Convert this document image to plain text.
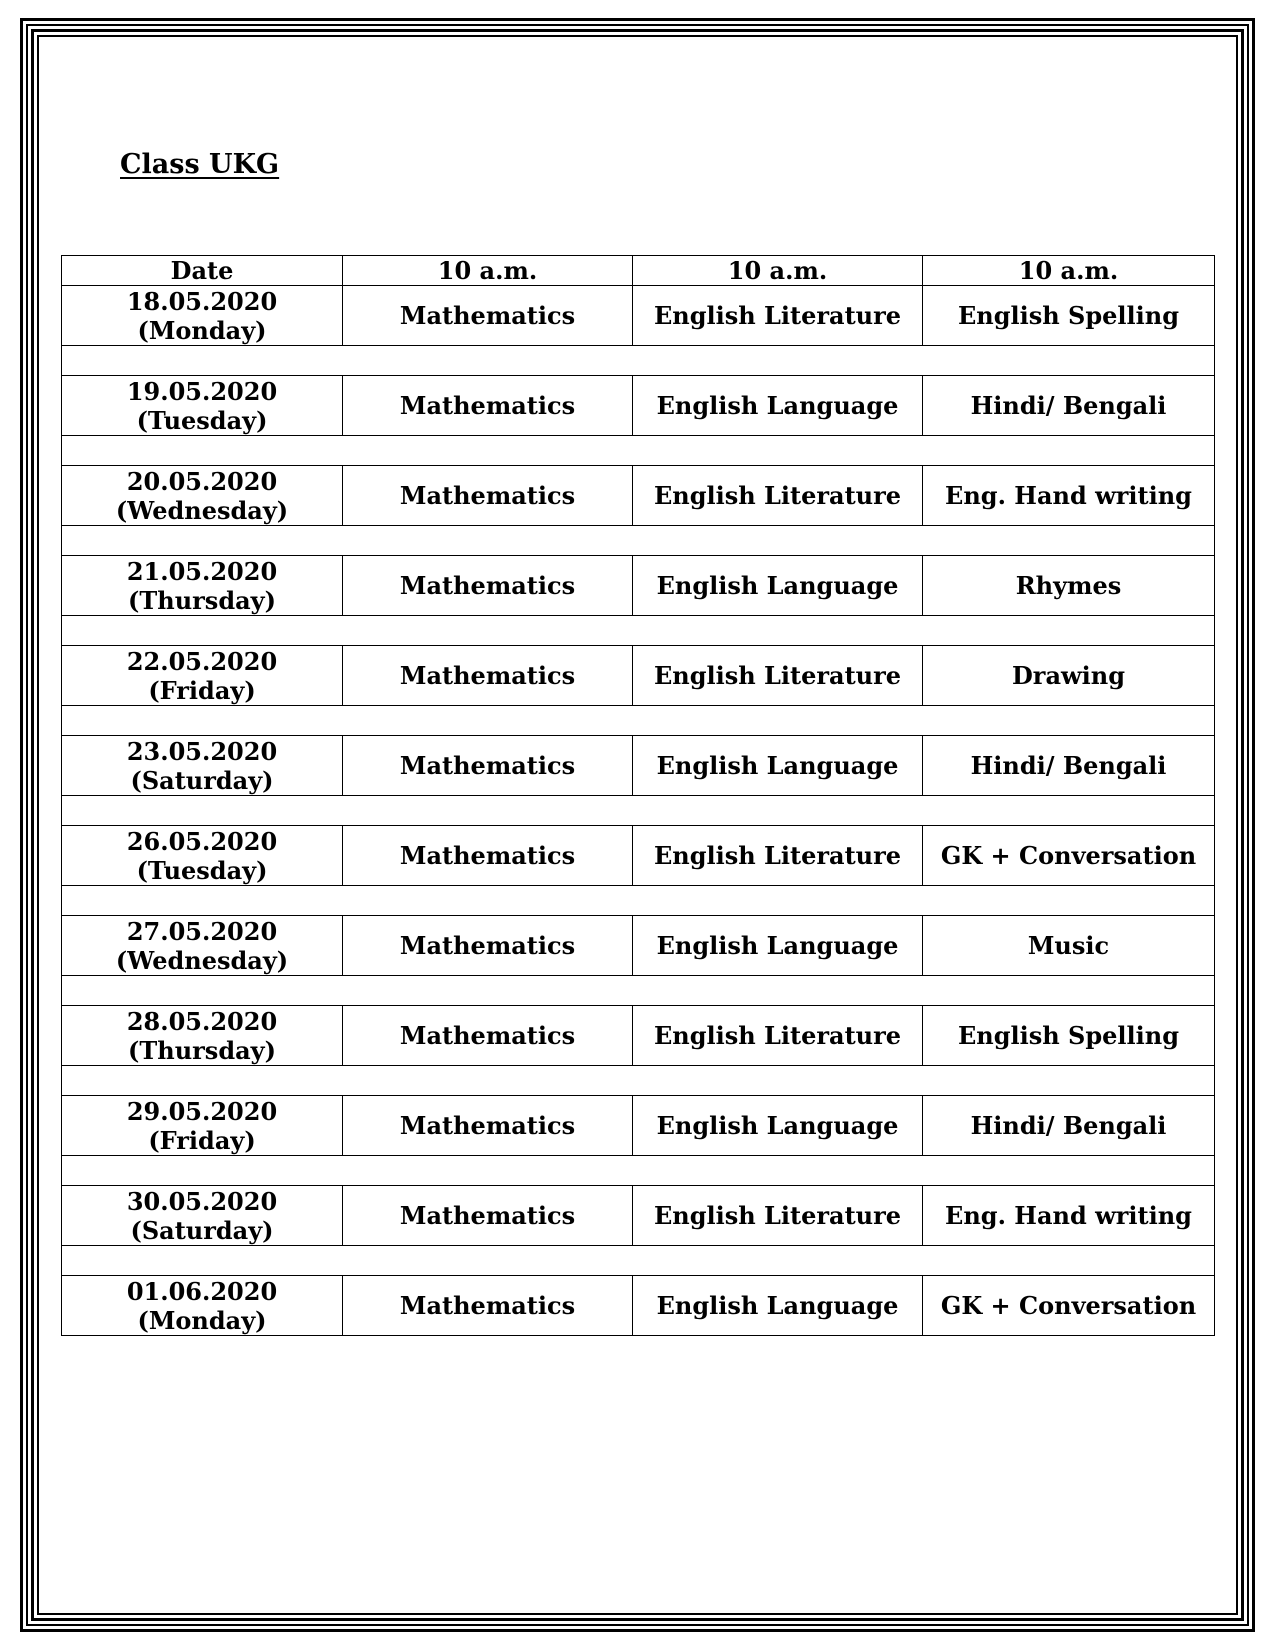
Class UKG
Date	10 a.m.	10 a.m.	10 a.m.

18.05.2020
(Monday)	Mathematics	English Literature	English Spelling

19.05.2020
(Tuesday)	Mathematics	English Language	Hindi/ Bengali

20.05.2020
(Wednesday)	Mathematics	English Literature	Eng. Hand writing

21.05.2020
(Thursday)	Mathematics	English Language	Rhymes

22.05.2020
(Friday)	Mathematics	English Literature	Drawing

23.05.2020
(Saturday)	Mathematics	English Language	Hindi/ Bengali

26.05.2020
(Tuesday)	Mathematics	English Literature	GK + Conversation

27.05.2020
(Wednesday)	Mathematics	English Language	Music

28.05.2020
(Thursday)	Mathematics	English Literature	English Spelling

29.05.2020
(Friday)	Mathematics	English Language	Hindi/ Bengali

30.05.2020
(Saturday)	Mathematics	English Literature	Eng. Hand writing

01.06.2020
(Monday)	Mathematics	English Language	GK + Conversation
